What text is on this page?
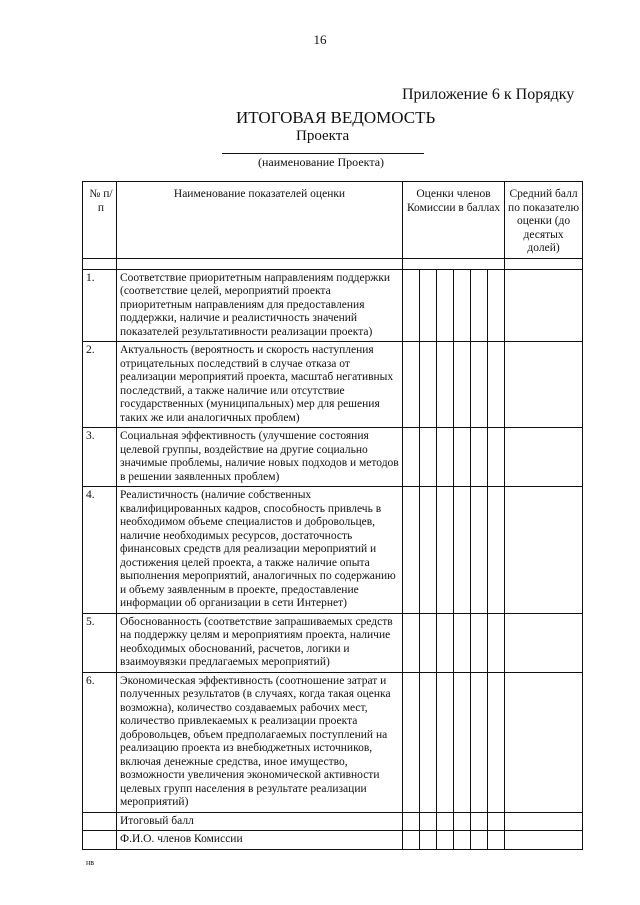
16
Приложение 6 к Порядку
ИТОГОВАЯ ВЕДОМОСТЬ
Проекта
(наименование Проекта)
№ п/п	Наименование показателей оценки	Оценки членов Комиссии в баллах						Средний балл по показателю оценки (до десятых долей)

1.	Соответствие приоритетным направлениям поддержки (соответствие целей, мероприятий проекта приоритетным направлениям для предоставления поддержки, наличие и реалистичность значений показателей результативности реализации проекта)							
2.	Актуальность (вероятность и скорость наступления отрицательных последствий в случае отказа от реализации мероприятий проекта, масштаб негативных последствий, а также наличие или отсутствие государственных (муниципальных) мер для решения таких же или аналогичных проблем)							
3.	Социальная эффективность (улучшение состояния целевой группы, воздействие на другие социально значимые проблемы, наличие новых подходов и методов в решении заявленных проблем)							
4.	Реалистичность (наличие собственных квалифицированных кадров, способность привлечь в необходимом объеме специалистов и добровольцев, наличие необходимых ресурсов, достаточность финансовых средств для реализации мероприятий и достижения целей проекта, а также наличие опыта выполнения мероприятий, аналогичных по содержанию и объему заявленным в проекте, предоставление информации об организации в сети Интернет)							
5.	Обоснованность (соответствие запрашиваемых средств на поддержку целям и мероприятиям проекта, наличие необходимых обоснований, расчетов, логики и взаимоувязки предлагаемых мероприятий)							
6.	Экономическая эффективность (соотношение затрат и полученных результатов (в случаях, когда такая оценка возможна), количество создаваемых рабочих мест, количество привлекаемых к реализации проекта добровольцев, объем предполагаемых поступлений на реализацию проекта из внебюджетных источников, включая денежные средства, иное имущество, возможности увеличения экономической активности целевых групп населения в результате реализации мероприятий)							
	Итоговый балл							
	Ф.И.О. членов Комиссии							
нв
